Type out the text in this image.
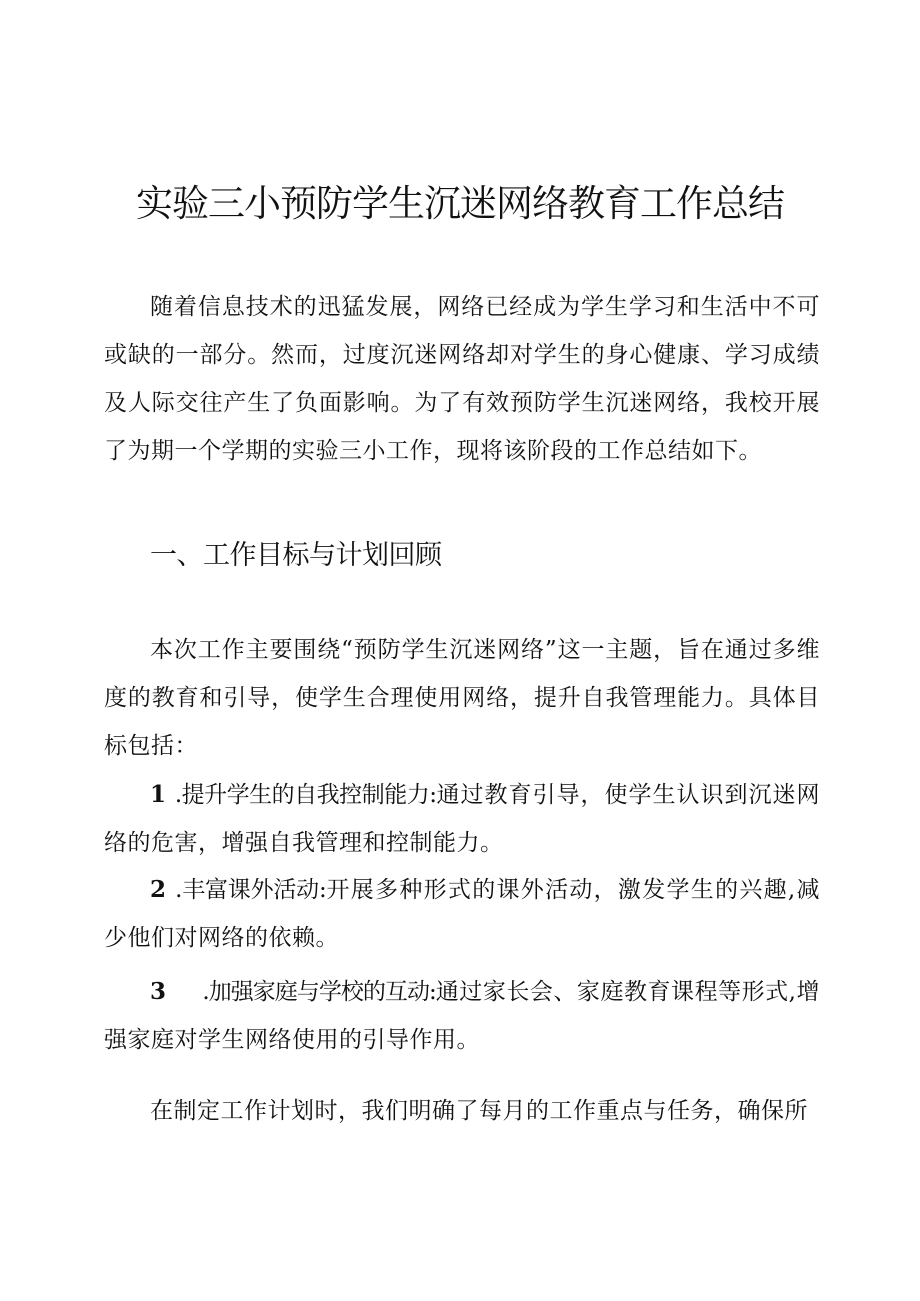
实验三小预防学生沉迷网络教育工作总结

随着信息技术的迅猛发展，网络已经成为学生学习和生活中不可或缺的一部分。然而，过度沉迷网络却对学生的身心健康、学习成绩及人际交往产生了负面影响。为了有效预防学生沉迷网络，我校开展了为期一个学期的实验三小工作，现将该阶段的工作总结如下。

一、工作目标与计划回顾

本次工作主要围绕“预防学生沉迷网络”这一主题，旨在通过多维度的教育和引导，使学生合理使用网络，提升自我管理能力。具体目标包括：

1 .提升学生的自我控制能力:通过教育引导，使学生认识到沉迷网络的危害，增强自我管理和控制能力。

2 .丰富课外活动:开展多种形式的课外活动，激发学生的兴趣,减少他们对网络的依赖。

3 .加强家庭与学校的互动:通过家长会、家庭教育课程等形式,增强家庭对学生网络使用的引导作用。

在制定工作计划时，我们明确了每月的工作重点与任务，确保所
